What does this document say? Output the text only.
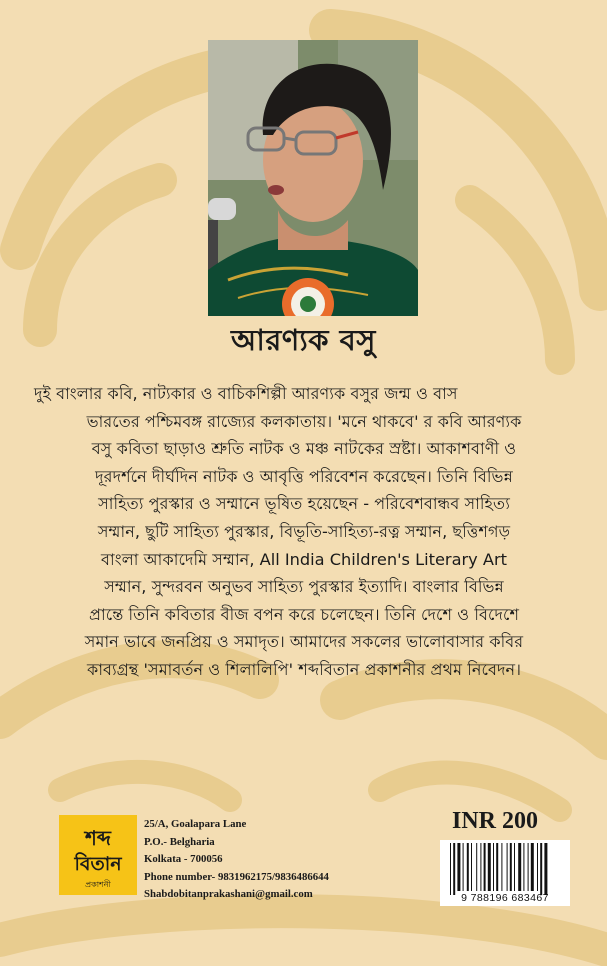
আরণ্যক বসু

দুই বাংলার কবি, নাট্যকার ও বাচিকশিল্পী আরণ্যক বসুর জন্ম ও বাস
ভারতের পশ্চিমবঙ্গ রাজ্যের কলকাতায়। 'মনে থাকবে' র কবি আরণ্যক
বসু কবিতা ছাড়াও শ্রুতি নাটক ও মঞ্চ নাটকের স্রষ্টা। আকাশবাণী ও
দূরদর্শনে দীর্ঘদিন নাটক ও আবৃত্তি পরিবেশন করেছেন। তিনি বিভিন্ন
সাহিত্য পুরস্কার ও সম্মানে ভূষিত হয়েছেন - পরিবেশবান্ধব সাহিত্য
সম্মান, ছুটি সাহিত্য পুরস্কার, বিভূতি-সাহিত্য-রত্ন সম্মান, ছত্তিশগড়
বাংলা আকাদেমি সম্মান, All India Children's Literary Art
সম্মান, সুন্দরবন অনুভব সাহিত্য পুরস্কার ইত্যাদি। বাংলার বিভিন্ন
প্রান্তে তিনি কবিতার বীজ বপন করে চলেছেন। তিনি দেশে ও বিদেশে
সমান ভাবে জনপ্রিয় ও সমাদৃত। আমাদের সকলের ভালোবাসার কবির
কাব্যগ্রন্থ 'সমাবর্তন ও শিলালিপি' শব্দবিতান প্রকাশনীর প্রথম নিবেদন।

শব্দ
বিতান
প্রকাশনী
25/A, Goalapara Lane
P.O.- Belgharia
Kolkata - 700056
Phone number- 9831962175/9836486644
Shabdobitanprakashani@gmail.com
INR 200
9 788196 683467
